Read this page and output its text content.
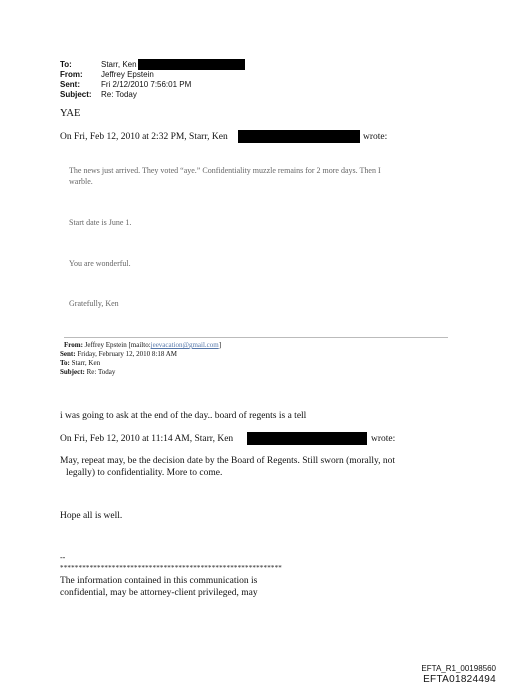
To:	Starr, Ken
From: Jeffrey Epstein
Sent:	Fri 2/12/2010 7:56:01 PM
Subject: Re: Today
YAE
On Fri, Feb 12, 2010 at 2:32 PM, Starr, Ken	wrote:
The news just arrived. They voted “aye.” Confidentiality muzzle remains for 2 more days. Then I
warble.
Start date is June 1.
You are wonderful.
Gratefully, Ken
From: Jeffrey Epstein [mailto:jeevacation@gmail.com]
Sent: Friday, February 12, 2010 8:18 AM
To: Starr, Ken
Subject: Re: Today
i was going to ask at the end of the day.. board of regents is a tell
On Fri, Feb 12, 2010 at 11:14 AM, Starr, Ken	wrote:
May, repeat may, be the decision date by the Board of Regents. Still sworn (morally, not
legally) to confidentiality. More to come.
Hope all is well.
--
************************************************************
The information contained in this communication is
confidential, may be attorney-client privileged, may
EFTA_R1_00198560
EFTA01824494
